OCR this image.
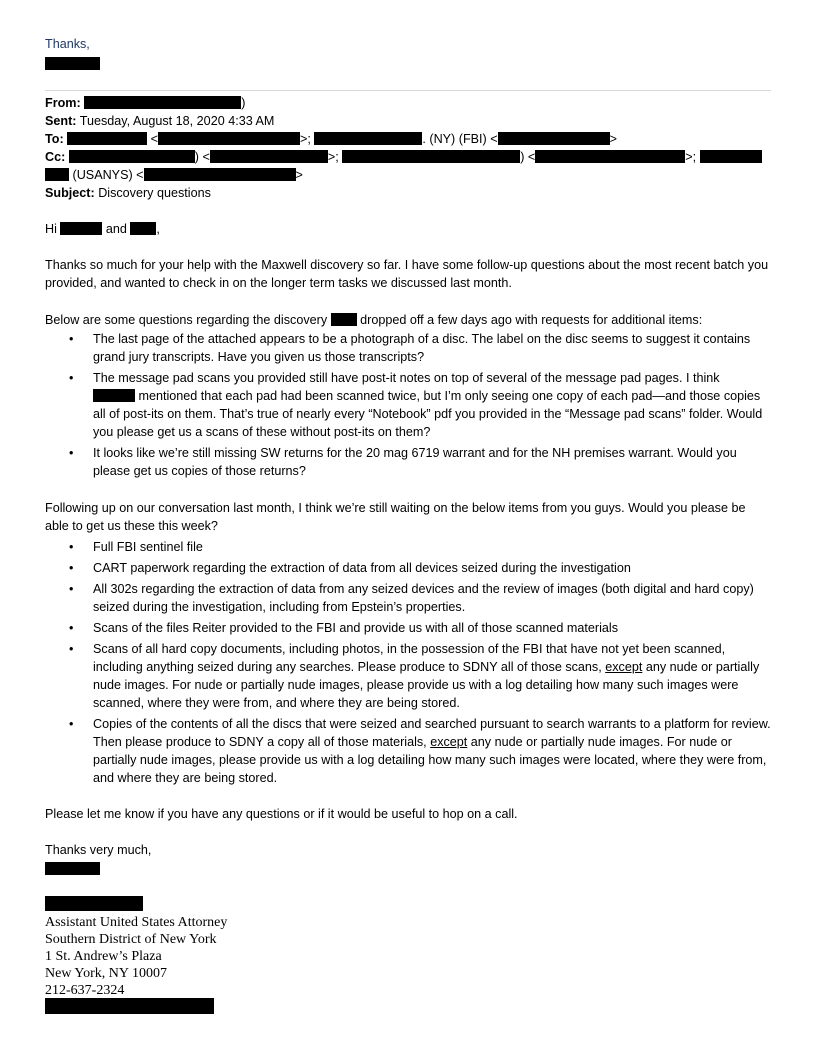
Thanks,
From:	)
Sent: Tuesday, August 18, 2020 4:33 AM
To:	<	>;	. (NY) (FBI) <	>
Cc:	) <	>;	) <	>;
(USANYS) <	>
Subject: Discovery questions
Hi	and ,
Thanks so much for your help with the Maxwell discovery so far. I have some follow-up questions about the most recent batch you provided, and wanted to check in on the longer term tasks we discussed last month.
Below are some questions regarding the discovery	dropped off a few days ago with requests for additional items:
• The last page of the attached appears to be a photograph of a disc. The label on the disc seems to suggest it contains grand jury transcripts. Have you given us those transcripts?
• The message pad scans you provided still have post-it notes on top of several of the message pad pages. I think
mentioned that each pad had been scanned twice, but I’m only seeing one copy of each pad—and those copies all of post-its on them. That’s true of nearly every “Notebook” pdf you provided in the “Message pad scans” folder. Would you please get us a scans of these without post-its on them?
• It looks like we’re still missing SW returns for the 20 mag 6719 warrant and for the NH premises warrant. Would you please get us copies of those returns?
Following up on our conversation last month, I think we’re still waiting on the below items from you guys. Would you please be able to get us these this week?
• Full FBI sentinel file
• CART paperwork regarding the extraction of data from all devices seized during the investigation
• All 302s regarding the extraction of data from any seized devices and the review of images (both digital and hard copy) seized during the investigation, including from Epstein’s properties.
• Scans of the files Reiter provided to the FBI and provide us with all of those scanned materials
• Scans of all hard copy documents, including photos, in the possession of the FBI that have not yet been scanned, including anything seized during any searches. Please produce to SDNY all of those scans, except any nude or partially nude images. For nude or partially nude images, please provide us with a log detailing how many such images were scanned, where they were from, and where they are being stored.
• Copies of the contents of all the discs that were seized and searched pursuant to search warrants to a platform for review. Then please produce to SDNY a copy all of those materials, except any nude or partially nude images. For nude or partially nude images, please provide us with a log detailing how many such images were located, where they were from, and where they are being stored.
Please let me know if you have any questions or if it would be useful to hop on a call.
Thanks very much,
Assistant United States Attorney
Southern District of New York
1 St. Andrew’s Plaza
New York, NY 10007
212-637-2324
